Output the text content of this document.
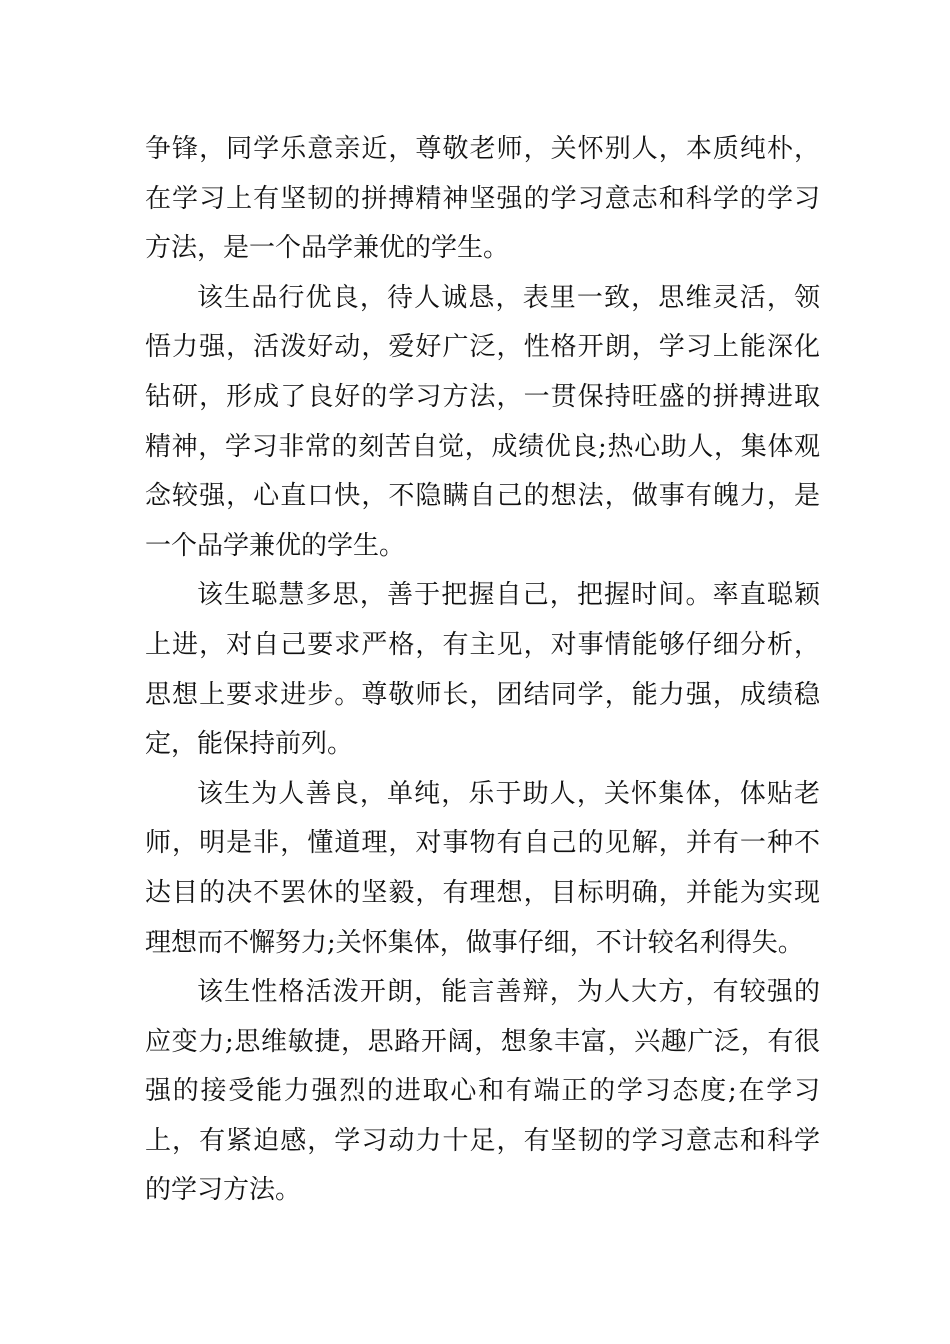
争锋，同学乐意亲近，尊敬老师，关怀别人，本质纯朴，在学习上有坚韧的拼搏精神坚强的学习意志和科学的学习方法，是一个品学兼优的学生。

该生品行优良，待人诚恳，表里一致，思维灵活，领悟力强，活泼好动，爱好广泛，性格开朗，学习上能深化钻研，形成了良好的学习方法，一贯保持旺盛的拼搏进取精神，学习非常的刻苦自觉，成绩优良;热心助人，集体观念较强，心直口快，不隐瞒自己的想法，做事有魄力，是一个品学兼优的学生。

该生聪慧多思，善于把握自己，把握时间。率直聪颖上进，对自己要求严格，有主见，对事情能够仔细分析，思想上要求进步。尊敬师长，团结同学，能力强，成绩稳定，能保持前列。

该生为人善良，单纯，乐于助人，关怀集体，体贴老师，明是非，懂道理，对事物有自己的见解，并有一种不达目的决不罢休的坚毅，有理想，目标明确，并能为实现理想而不懈努力;关怀集体，做事仔细，不计较名利得失。

该生性格活泼开朗，能言善辩，为人大方，有较强的应变力;思维敏捷，思路开阔，想象丰富，兴趣广泛，有很强的接受能力强烈的进取心和有端正的学习态度;在学习上，有紧迫感，学习动力十足，有坚韧的学习意志和科学的学习方法。
